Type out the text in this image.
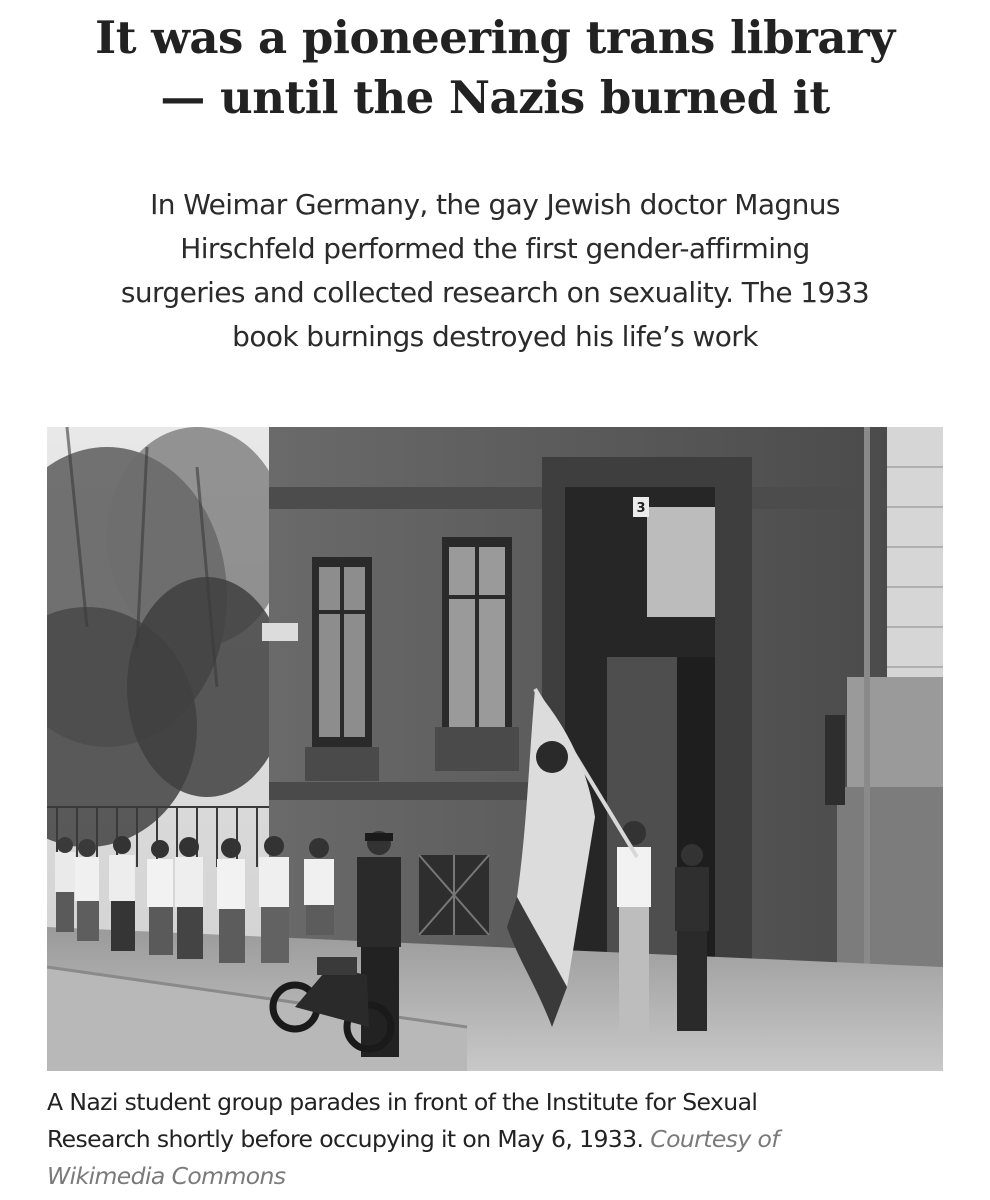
It was a pioneering trans library
— until the Nazis burned it

In Weimar Germany, the gay Jewish doctor Magnus
Hirschfeld performed the first gender-affirming
surgeries and collected research on sexuality. The 1933
book burnings destroyed his life’s work

3

A Nazi student group parades in front of the Institute for Sexual
Research shortly before occupying it on May 6, 1933. Courtesy of
Wikimedia Commons
